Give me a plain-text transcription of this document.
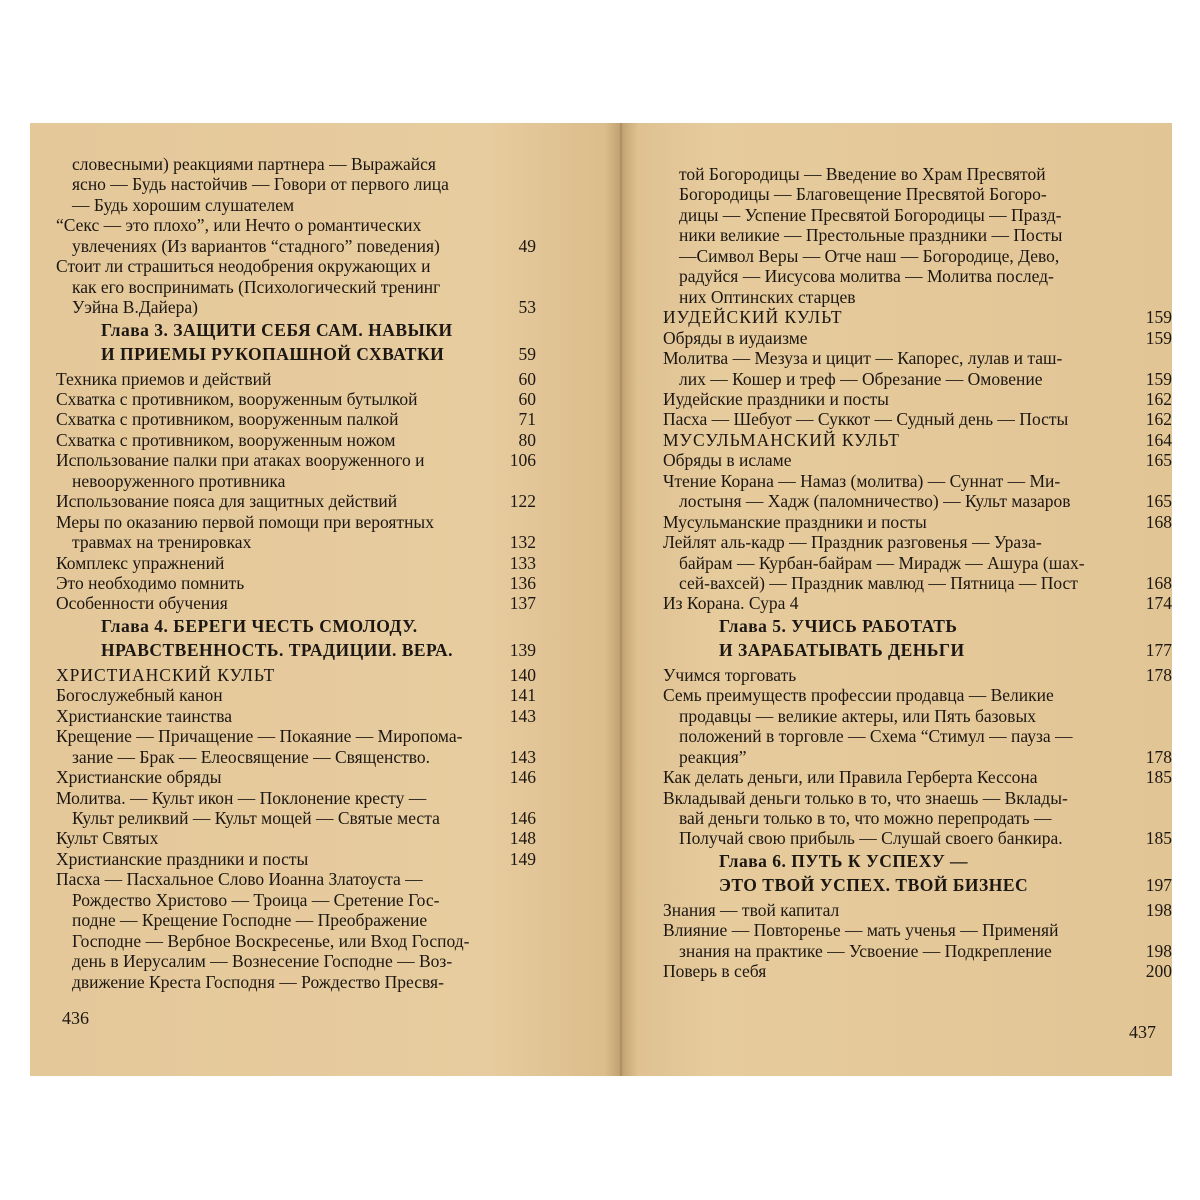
436
словесными) реакциями партнера — Выражайся
ясно — Будь настойчив — Говори от первого лица
— Будь хорошим слушателем
“Секс — это плохо”, или Нечто о романтических
увлечениях (Из вариантов “стадного” поведения)	49
Стоит ли страшиться неодобрения окружающих и
как его воспринимать (Психологический тренинг
Уэйна В.Дайера)	53
Глава 3. ЗАЩИТИ СЕБЯ САМ. НАВЫКИ
И ПРИЕМЫ РУКОПАШНОЙ СХВАТКИ	59
Техника приемов и действий	60
Схватка с противником, вооруженным бутылкой	60
Схватка с противником, вооруженным палкой	71
Схватка с противником, вооруженным ножом	80
Использование палки при атаках вооруженного и	106
невооруженного противника
Использование пояса для защитных действий	122
Меры по оказанию первой помощи при вероятных
травмах на тренировках	132
Комплекс упражнений	133
Это необходимо помнить	136
Особенности обучения	137
Глава 4. БЕРЕГИ ЧЕСТЬ СМОЛОДУ.
НРАВСТВЕННОСТЬ. ТРАДИЦИИ. ВЕРА.	139
ХРИСТИАНСКИЙ КУЛЬТ	140
Богослужебный канон	141
Христианские таинства	143
Крещение — Причащение — Покаяние — Миропома-
зание — Брак — Елеосвящение — Священство.	143
Христианские обряды	146
Молитва. — Культ икон — Поклонение кресту —
Культ реликвий — Культ мощей — Святые места	146
Культ Святых	148
Христианские праздники и посты	149
Пасха — Пасхальное Слово Иоанна Златоуста —
Рождество Христово — Троица — Сретение Гос-
подне — Крещение Господне — Преображение
Господне — Вербное Воскресенье, или Вход Господ-
день в Иерусалим — Вознесение Господне — Воз-
движение Креста Господня — Рождество Пресвя-
437
той Богородицы — Введение во Храм Пресвятой
Богородицы — Благовещение Пресвятой Богоро-
дицы — Успение Пресвятой Богородицы — Празд-
ники великие — Престольные праздники — Посты
—Символ Веры — Отче наш — Богородице, Дево,
радуйся — Иисусова молитва — Молитва послед-
них Оптинских старцев
ИУДЕЙСКИЙ КУЛЬТ	159
Обряды в иудаизме	159
Молитва — Мезуза и цицит — Капорес, лулав и таш-
лих — Кошер и треф — Обрезание — Омовение	159
Иудейские праздники и посты	162
Пасха — Шебуот — Суккот — Судный день — Посты	162
МУСУЛЬМАНСКИЙ КУЛЬТ	164
Обряды в исламе	165
Чтение Корана — Намаз (молитва) — Суннат — Ми-
лостыня — Хадж (паломничество) — Культ мазаров	165
Мусульманские праздники и посты	168
Лейлят аль-кадр — Праздник разговенья — Ураза-
байрам — Курбан-байрам — Мирадж — Ашура (шах-
сей-вахсей) — Праздник мавлюд — Пятница — Пост	168
Из Корана. Сура 4	174
Глава 5. УЧИСЬ РАБОТАТЬ
И ЗАРАБАТЫВАТЬ ДЕНЬГИ	177
Учимся торговать	178
Семь преимуществ профессии продавца — Великие
продавцы — великие актеры, или Пять базовых
положений в торговле — Схема “Стимул — пауза —
реакция”	178
Как делать деньги, или Правила Герберта Кессона	185
Вкладывай деньги только в то, что знаешь — Вклады-
вай деньги только в то, что можно перепродать —
Получай свою прибыль — Слушай своего банкира.	185
Глава 6. ПУТЬ К УСПЕХУ —
ЭТО ТВОЙ УСПЕХ. ТВОЙ БИЗНЕС	197
Знания — твой капитал	198
Влияние — Повторенье — мать ученья — Применяй
знания на практике — Усвоение — Подкрепление	198
Поверь в себя	200
